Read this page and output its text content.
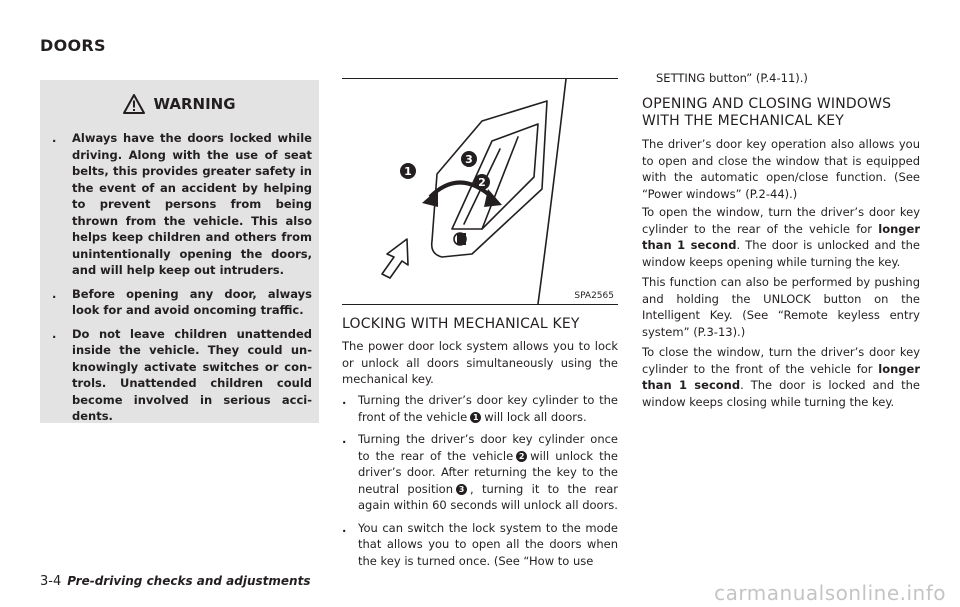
DOORS
WARNING
. Always have the doors locked while driving. Along with the use of seat belts, this provides greater safety in the event of an accident by helping to prevent persons from being thrown from the vehicle. This also helps keep children and others from unintentionally opening the doors, and will help keep out intruders.
. Before opening any door, always look for and avoid oncoming traffic.
. Do not leave children unattended inside the vehicle. They could un-knowingly activate switches or con-trols. Unattended children could become involved in serious acci-dents.
1
3
2
SPA2565
LOCKING WITH MECHANICAL KEY
The power door lock system allows you to lock or unlock all doors simultaneously using the mechanical key.
. Turning the driver’s door key cylinder to the front of the vehicle 1 will lock all doors.
. Turning the driver’s door key cylinder once to the rear of the vehicle 2 will unlock the driver’s door. After returning the key to the neutral position 3 , turning it to the rear again within 60 seconds will unlock all doors.
. You can switch the lock system to the mode that allows you to open all the doors when the key is turned once. (See “How to use
SETTING button” (P.4-11).)
OPENING AND CLOSING WINDOWS
WITH THE MECHANICAL KEY
The driver’s door key operation also allows you to open and close the window that is equipped with the automatic open/close function. (See “Power windows” (P.2-44).)
To open the window, turn the driver’s door key cylinder to the rear of the vehicle for longer than 1 second. The door is unlocked and the window keeps opening while turning the key.
This function can also be performed by pushing and holding the UNLOCK button on the Intelligent Key. (See “Remote keyless entry system” (P.3-13).)
To close the window, turn the driver’s door key cylinder to the front of the vehicle for longer than 1 second. The door is locked and the window keeps closing while turning the key.
3-4 Pre-driving checks and adjustments	carmanualsonline.info
